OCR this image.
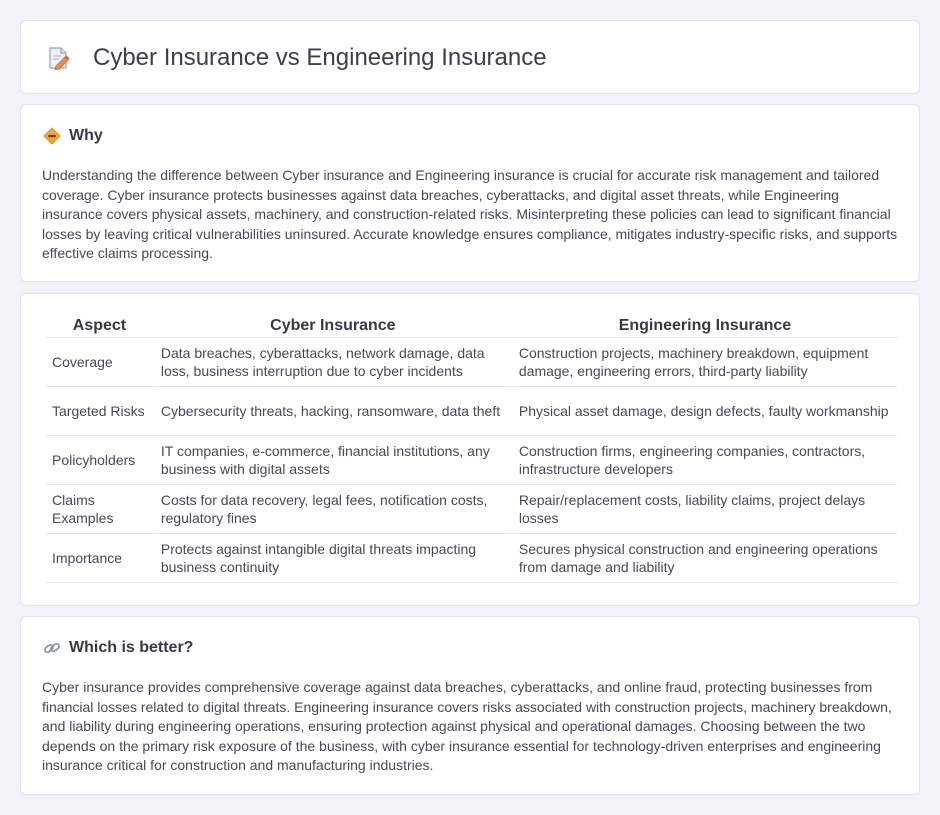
Cyber Insurance vs Engineering Insurance
Why

Understanding the difference between Cyber insurance and Engineering insurance is crucial for accurate risk management and tailored coverage. Cyber insurance protects businesses against data breaches, cyberattacks, and digital asset threats, while Engineering insurance covers physical assets, machinery, and construction-related risks. Misinterpreting these policies can lead to significant financial losses by leaving critical vulnerabilities uninsured. Accurate knowledge ensures compliance, mitigates industry-specific risks, and supports effective claims processing.

Aspect	Cyber Insurance	Engineering Insurance
Coverage	Data breaches, cyberattacks, network damage, data loss, business interruption due to cyber incidents	Construction projects, machinery breakdown, equipment damage, engineering errors, third-party liability
Targeted Risks	Cybersecurity threats, hacking, ransomware, data theft	Physical asset damage, design defects, faulty workmanship
Policyholders	IT companies, e-commerce, financial institutions, any business with digital assets	Construction firms, engineering companies, contractors, infrastructure developers
Claims Examples	Costs for data recovery, legal fees, notification costs, regulatory fines	Repair/replacement costs, liability claims, project delays losses
Importance	Protects against intangible digital threats impacting business continuity	Secures physical construction and engineering operations from damage and liability
Which is better?

Cyber insurance provides comprehensive coverage against data breaches, cyberattacks, and online fraud, protecting businesses from financial losses related to digital threats. Engineering insurance covers risks associated with construction projects, machinery breakdown, and liability during engineering operations, ensuring protection against physical and operational damages. Choosing between the two depends on the primary risk exposure of the business, with cyber insurance essential for technology-driven enterprises and engineering insurance critical for construction and manufacturing industries.
